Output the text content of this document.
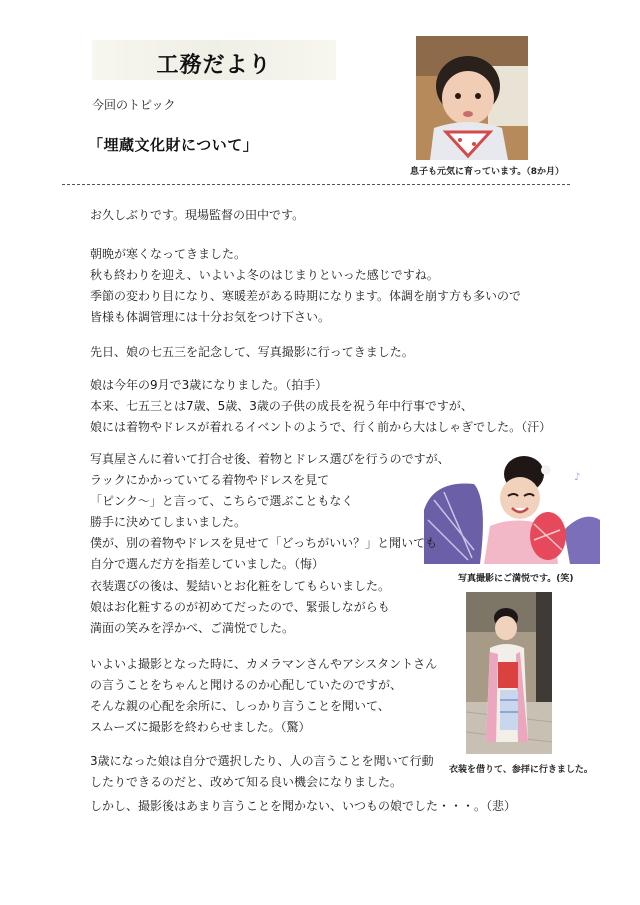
工務だより
今回のトピック
「埋蔵文化財について」
息子も元気に育っています。（8か月）
♪
写真撮影にご満悦です。(笑)
衣装を借りて、参拝に行きました。
お久しぶりです。現場監督の田中です。
朝晩が寒くなってきました。
秋も終わりを迎え、いよいよ冬のはじまりといった感じですね。
季節の変わり目になり、寒暖差がある時期になります。体調を崩す方も多いので
皆様も体調管理には十分お気をつけ下さい。
先日、娘の七五三を記念して、写真撮影に行ってきました。
娘は今年の9月で3歳になりました。（拍手）
本来、七五三とは7歳、5歳、3歳の子供の成長を祝う年中行事ですが、
娘には着物やドレスが着れるイベントのようで、行く前から大はしゃぎでした。（汗）
写真屋さんに着いて打合せ後、着物とドレス選びを行うのですが、
ラックにかかっていてる着物やドレスを見て
「ピンク～」と言って、こちらで選ぶこともなく
勝手に決めてしまいました。
僕が、別の着物やドレスを見せて「どっちがいい？」と聞いても
自分で選んだ方を指差していました。（悔）
衣装選びの後は、髪結いとお化粧をしてもらいました。
娘はお化粧するのが初めてだったので、緊張しながらも
満面の笑みを浮かべ、ご満悦でした。
いよいよ撮影となった時に、カメラマンさんやアシスタントさん
の言うことをちゃんと聞けるのか心配していたのですが、
そんな親の心配を余所に、しっかり言うことを聞いて、
スムーズに撮影を終わらせました。（驚）
3歳になった娘は自分で選択したり、人の言うことを聞いて行動
したりできるのだと、改めて知る良い機会になりました。
しかし、撮影後はあまり言うことを聞かない、いつもの娘でした・・・。（悲）
